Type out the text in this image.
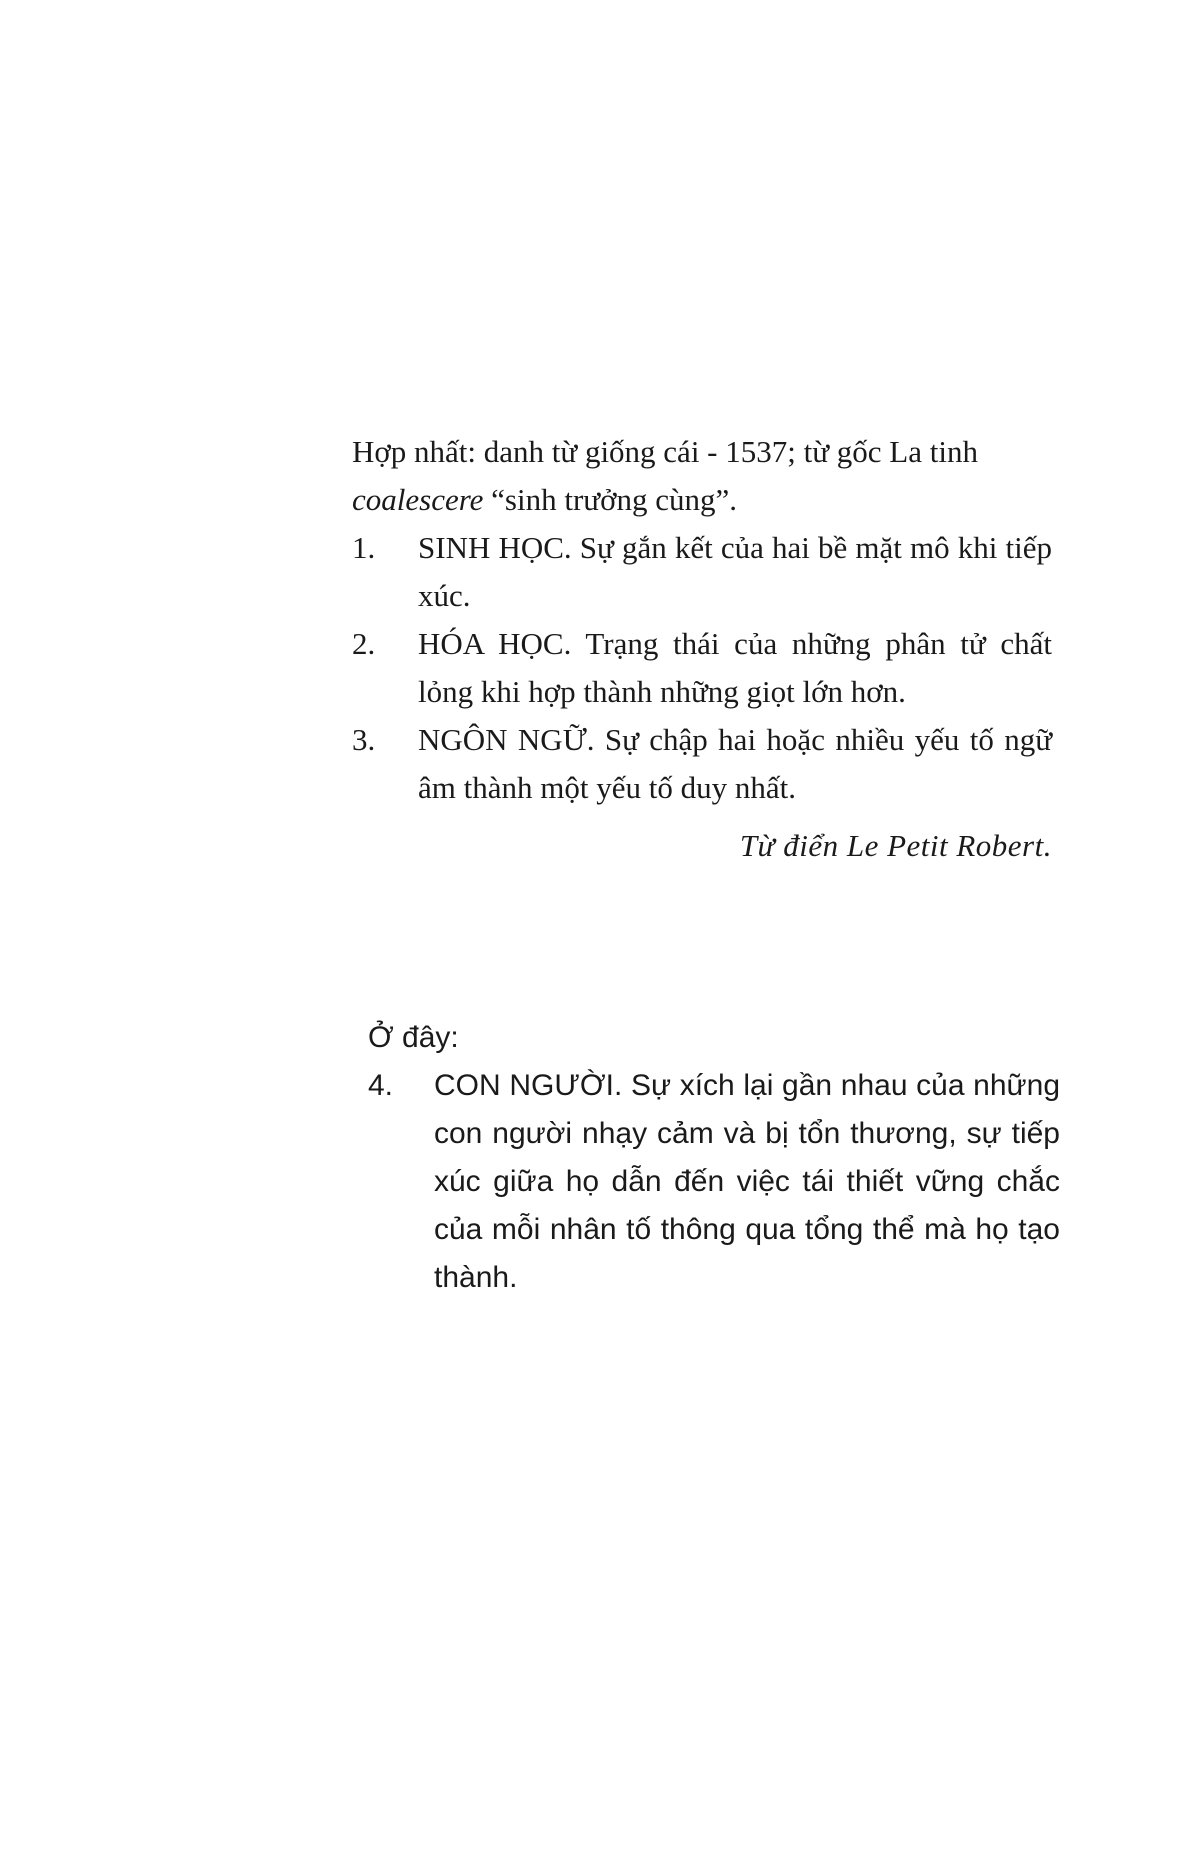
Hợp nhất: danh từ giống cái - 1537; từ gốc La tinh
coalescere “sinh trưởng cùng”.
1. SINH HỌC. Sự gắn kết của hai bề mặt mô khi tiếp xúc.
2. HÓA HỌC. Trạng thái của những phân tử chất lỏng khi hợp thành những giọt lớn hơn.
3. NGÔN NGỮ. Sự chập hai hoặc nhiều yếu tố ngữ âm thành một yếu tố duy nhất.
Từ điển Le Petit Robert.
Ở đây:
4. CON NGƯỜI. Sự xích lại gần nhau của những con người nhạy cảm và bị tổn thương, sự tiếp xúc giữa họ dẫn đến việc tái thiết vững chắc của mỗi nhân tố thông qua tổng thể mà họ tạo thành.
